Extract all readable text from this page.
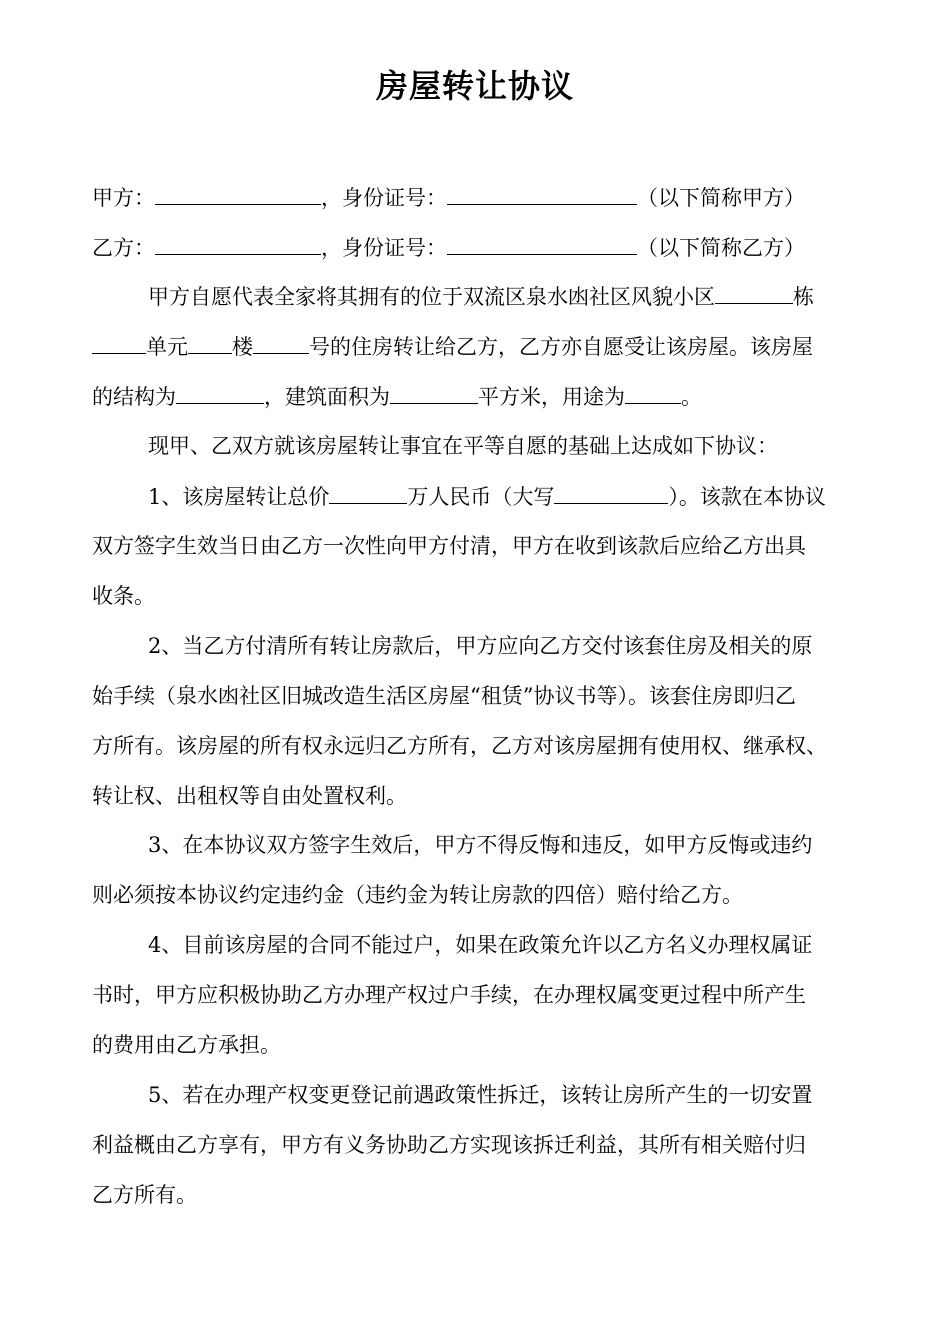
房屋转让协议
甲方：	，身份证号：	（以下简称甲方）
乙方：	，身份证号：	（以下简称乙方）
甲方自愿代表全家将其拥有的位于双流区泉水凼社区风貌小区	栋
单元 楼	号的住房转让给乙方，乙方亦自愿受让该房屋。该房屋
的结构为	，建筑面积为	平方米，用途为	。
现甲、乙双方就该房屋转让事宜在平等自愿的基础上达成如下协议：
1、该房屋转让总价	万人民币（大写	）。该款在本协议
双方签字生效当日由乙方一次性向甲方付清，甲方在收到该款后应给乙方出具
收条。
2、当乙方付清所有转让房款后，甲方应向乙方交付该套住房及相关的原
始手续（泉水凼社区旧城改造生活区房屋“租赁”协议书等）。该套住房即归乙
方所有。该房屋的所有权永远归乙方所有，乙方对该房屋拥有使用权、继承权、
转让权、出租权等自由处置权利。
3、在本协议双方签字生效后，甲方不得反悔和违反，如甲方反悔或违约
则必须按本协议约定违约金（违约金为转让房款的四倍）赔付给乙方。
4、目前该房屋的合同不能过户，如果在政策允许以乙方名义办理权属证
书时，甲方应积极协助乙方办理产权过户手续，在办理权属变更过程中所产生
的费用由乙方承担。
5、若在办理产权变更登记前遇政策性拆迁，该转让房所产生的一切安置
利益概由乙方享有，甲方有义务协助乙方实现该拆迁利益，其所有相关赔付归
乙方所有。
